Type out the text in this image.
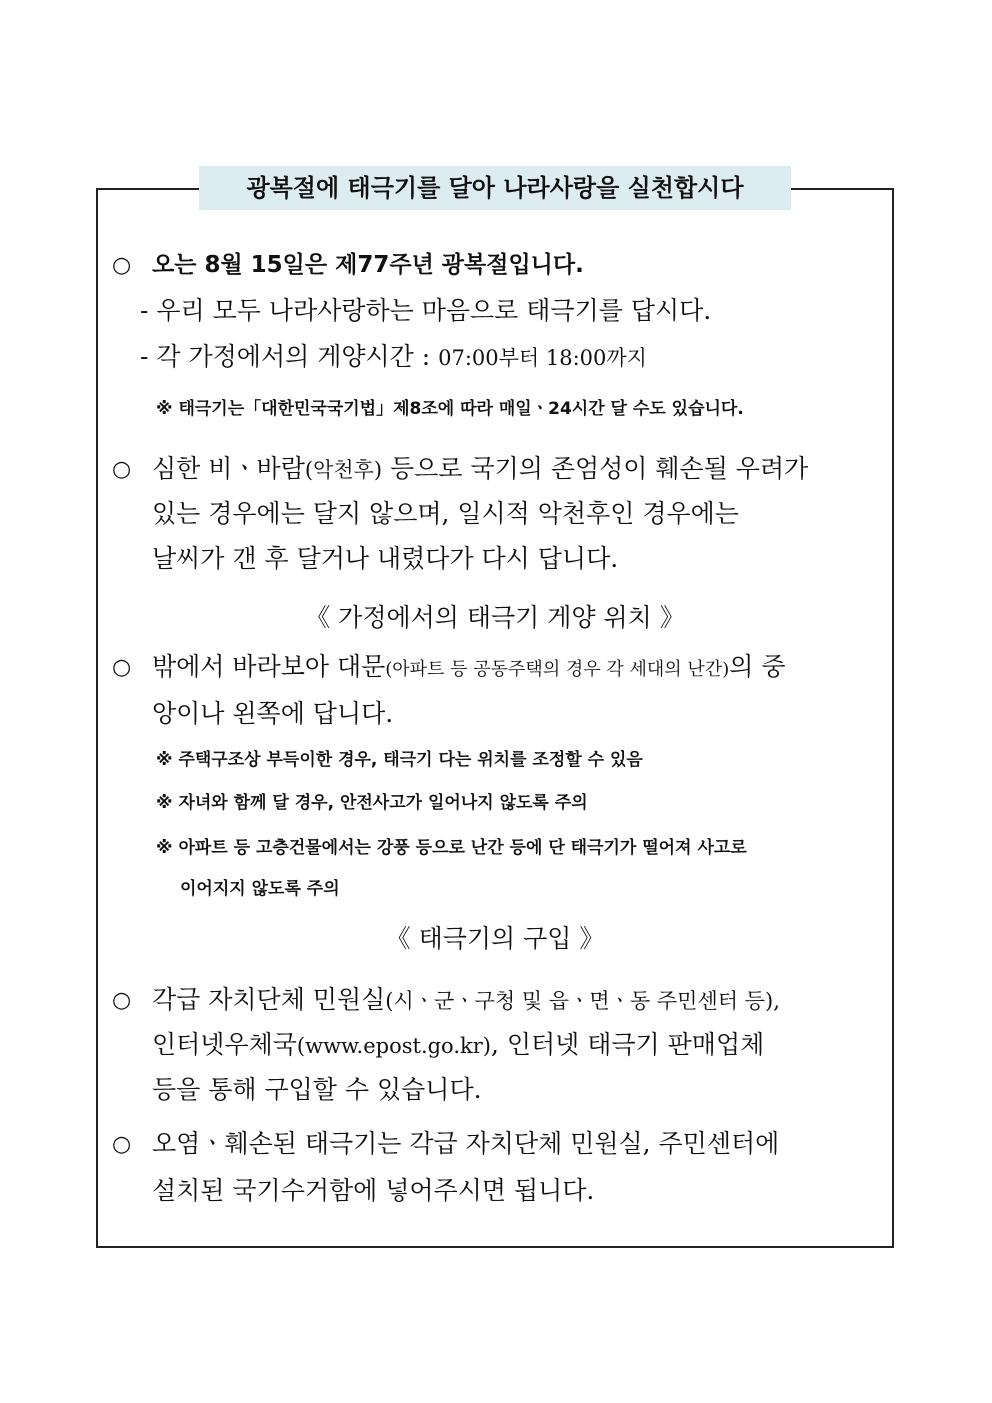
광복절에 태극기를 달아 나라사랑을 실천합시다
○ 오는 8월 15일은 제77주년 광복절입니다.
- 우리 모두 나라사랑하는 마음으로 태극기를 답시다.
- 각 가정에서의 게양시간 : 07:00부터 18:00까지
※ 태극기는「대한민국국기법」제8조에 따라 매일ㆍ24시간 달 수도 있습니다.
○ 심한 비ㆍ바람(악천후) 등으로 국기의 존엄성이 훼손될 우려가
있는 경우에는 달지 않으며, 일시적 악천후인 경우에는
날씨가 갠 후 달거나 내렸다가 다시 답니다.
《 가정에서의 태극기 게양 위치 》
○ 밖에서 바라보아 대문(아파트 등 공동주택의 경우 각 세대의 난간)의 중
앙이나 왼쪽에 답니다.
※ 주택구조상 부득이한 경우, 태극기 다는 위치를 조정할 수 있음
※ 자녀와 함께 달 경우, 안전사고가 일어나지 않도록 주의
※ 아파트 등 고층건물에서는 강풍 등으로 난간 등에 단 태극기가 떨어져 사고로
이어지지 않도록 주의
《 태극기의 구입 》
○ 각급 자치단체 민원실(시ㆍ군ㆍ구청 및 읍ㆍ면ㆍ동 주민센터 등),
인터넷우체국(www.epost.go.kr), 인터넷 태극기 판매업체
등을 통해 구입할 수 있습니다.
○ 오염ㆍ훼손된 태극기는 각급 자치단체 민원실, 주민센터에
설치된 국기수거함에 넣어주시면 됩니다.
